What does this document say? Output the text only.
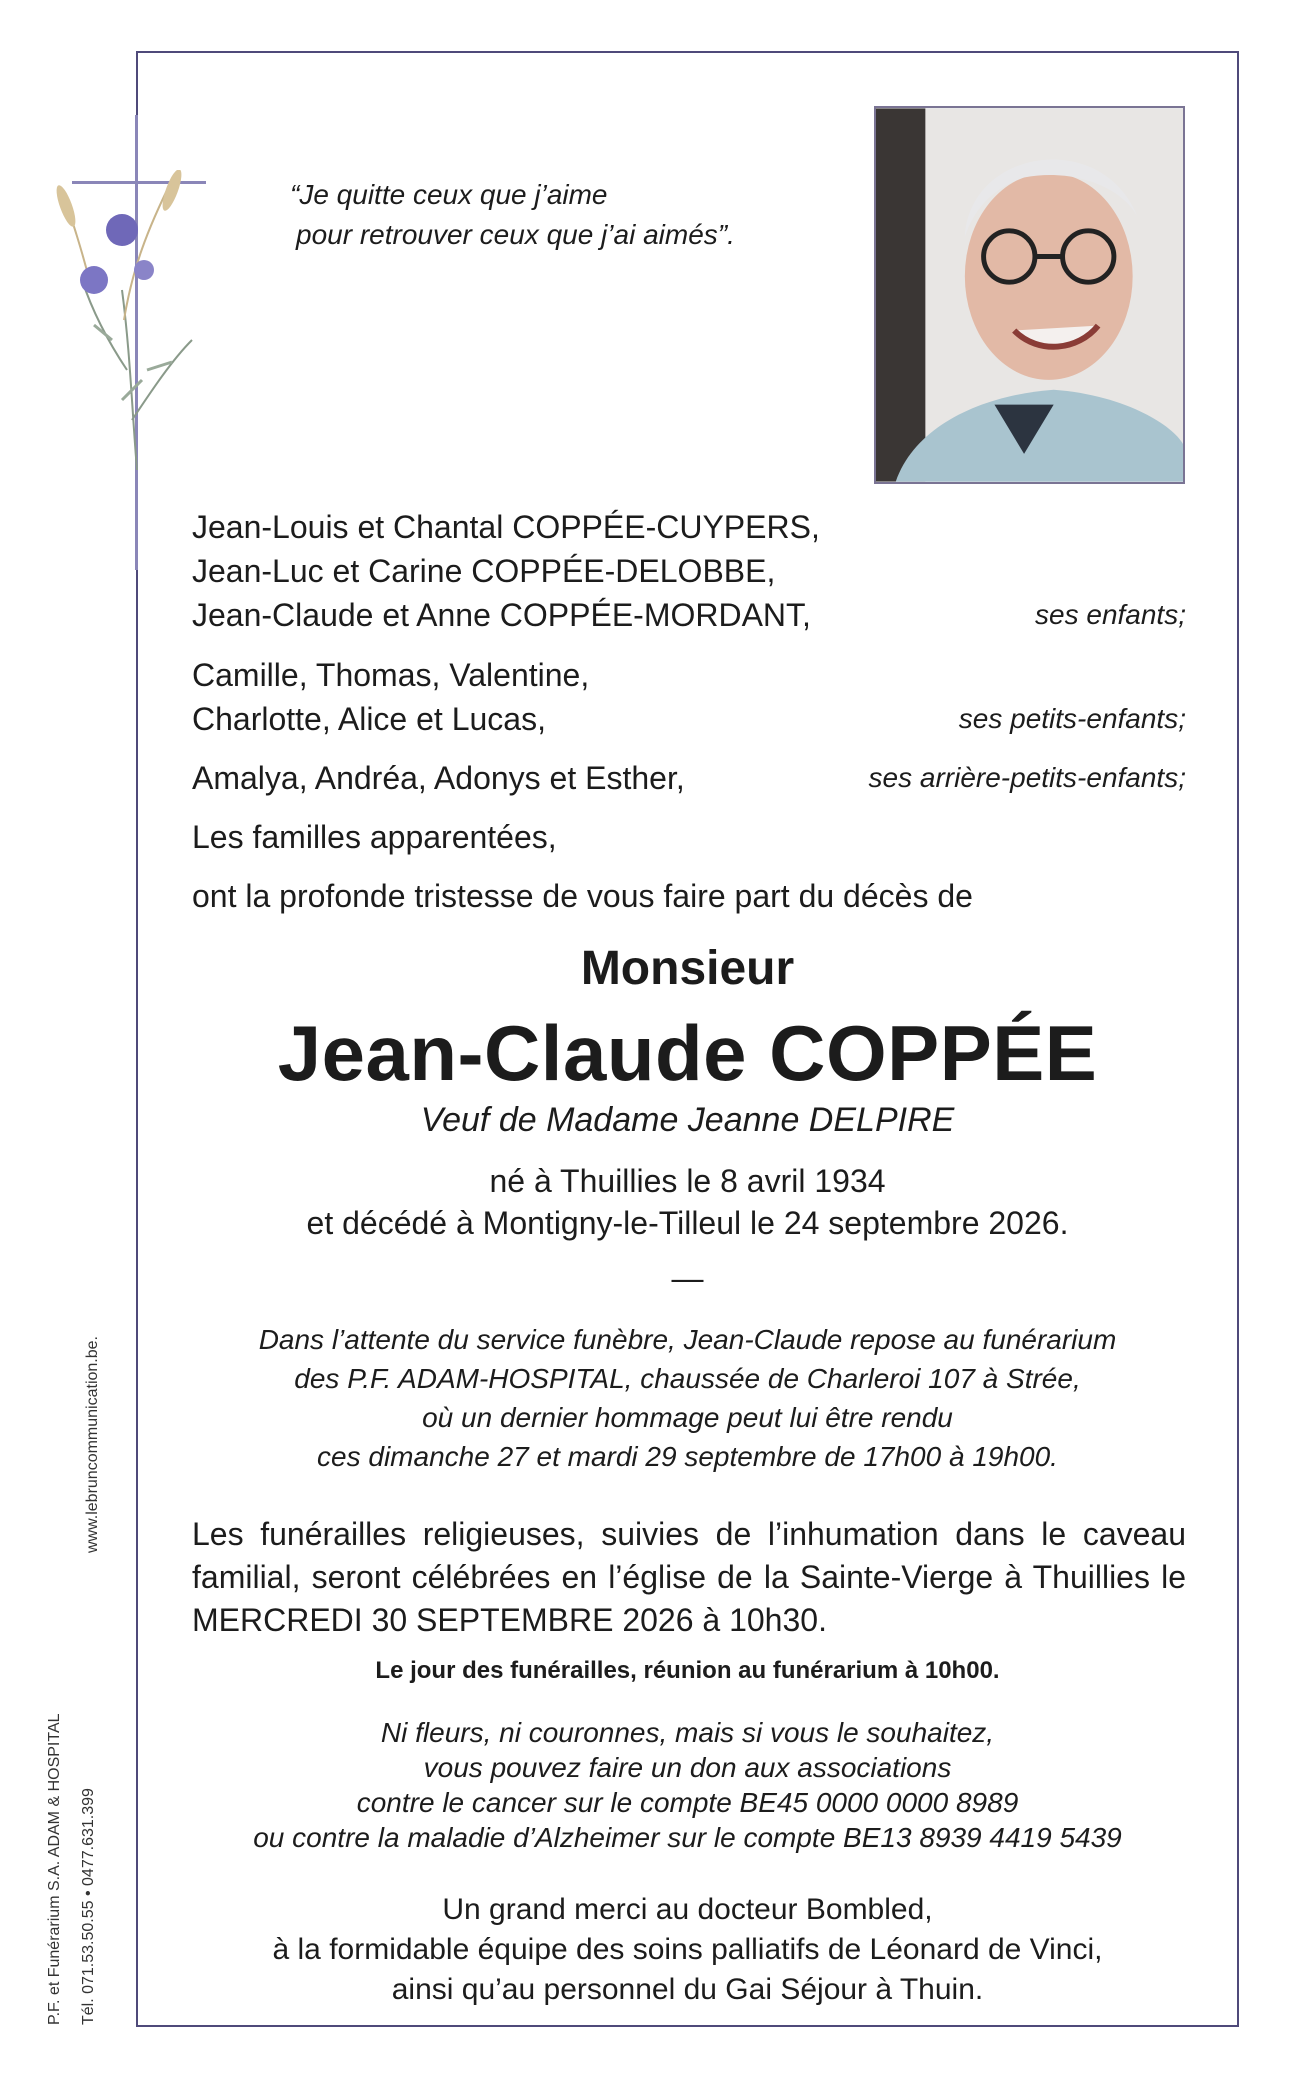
“Je quitte ceux que j’aime
pour retrouver ceux que j’ai aimés”.
Jean-Louis et Chantal COPPÉE-CUYPERS,
Jean-Luc et Carine COPPÉE-DELOBBE,
Jean-Claude et Anne COPPÉE-MORDANT,	ses enfants;
Camille, Thomas, Valentine,
Charlotte, Alice et Lucas,	ses petits-enfants;
Amalya, Andréa, Adonys et Esther,	ses arrière-petits-enfants;
Les familles apparentées,
ont la profonde tristesse de vous faire part du décès de
Monsieur
Jean-Claude COPPÉE
Veuf de Madame Jeanne DELPIRE
né à Thuillies le 8 avril 1934
et décédé à Montigny-le-Tilleul le 24 septembre 2026.
—
Dans l’attente du service funèbre, Jean-Claude repose au funérarium
des P.F. ADAM-HOSPITAL, chaussée de Charleroi 107 à Strée,
où un dernier hommage peut lui être rendu
ces dimanche 27 et mardi 29 septembre de 17h00 à 19h00.
Les funérailles religieuses, suivies de l’inhumation dans le caveau familial, seront célébrées en l’église de la Sainte-Vierge à Thuillies le MERCREDI 30 SEPTEMBRE 2026 à 10h30.
Le jour des funérailles, réunion au funérarium à 10h00.
Ni fleurs, ni couronnes, mais si vous le souhaitez,
vous pouvez faire un don aux associations
contre le cancer sur le compte BE45 0000 0000 8989
ou contre la maladie d’Alzheimer sur le compte BE13 8939 4419 5439
Un grand merci au docteur Bombled,
à la formidable équipe des soins palliatifs de Léonard de Vinci,
ainsi qu’au personnel du Gai Séjour à Thuin.
www.lebruncommunication.be.
P.F. et Funérarium S.A. ADAM & HOSPITAL Tél. 071.53.50.55 • 0477.631.399
